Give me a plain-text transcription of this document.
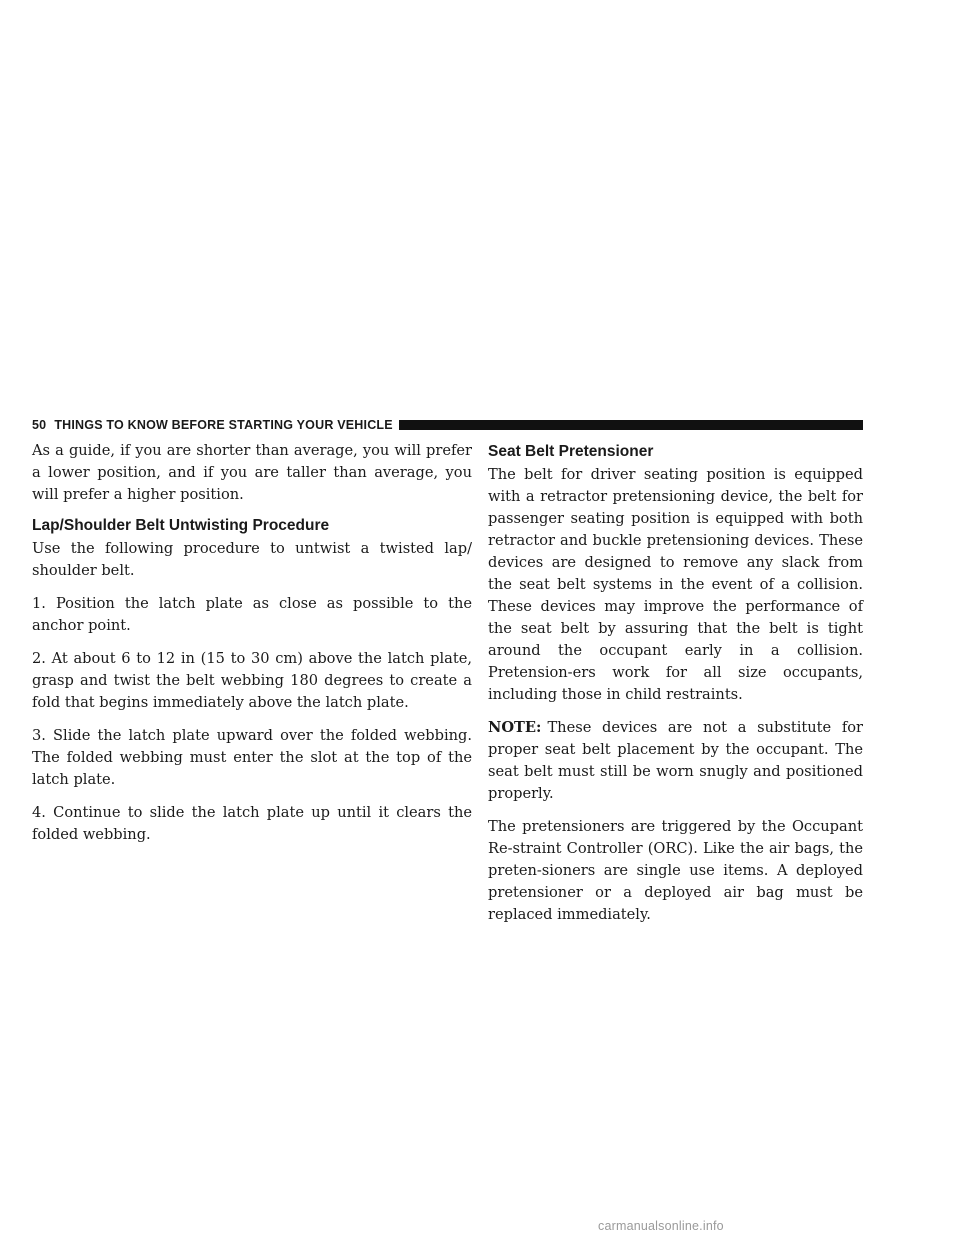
50 THINGS TO KNOW BEFORE STARTING YOUR VEHICLE

As a guide, if you are shorter than average, you will prefer a lower position, and if you are taller than average, you will prefer a higher position.

Lap/Shoulder Belt Untwisting Procedure

Use the following procedure to untwist a twisted lap/ shoulder belt.

1. Position the latch plate as close as possible to the anchor point.

2. At about 6 to 12 in (15 to 30 cm) above the latch plate, grasp and twist the belt webbing 180 degrees to create a fold that begins immediately above the latch plate.

3. Slide the latch plate upward over the folded webbing. The folded webbing must enter the slot at the top of the latch plate.

4. Continue to slide the latch plate up until it clears the folded webbing.

Seat Belt Pretensioner

The belt for driver seating position is equipped with a retractor pretensioning device, the belt for passenger seating position is equipped with both retractor and buckle pretensioning devices. These devices are designed to remove any slack from the seat belt systems in the event of a collision. These devices may improve the performance of the seat belt by assuring that the belt is tight around the occupant early in a collision. Pretension-ers work for all size occupants, including those in child restraints.

NOTE: These devices are not a substitute for proper seat belt placement by the occupant. The seat belt must still be worn snugly and positioned properly.

The pretensioners are triggered by the Occupant Re-straint Controller (ORC). Like the air bags, the preten-sioners are single use items. A deployed pretensioner or a deployed air bag must be replaced immediately.

carmanualsonline.info
